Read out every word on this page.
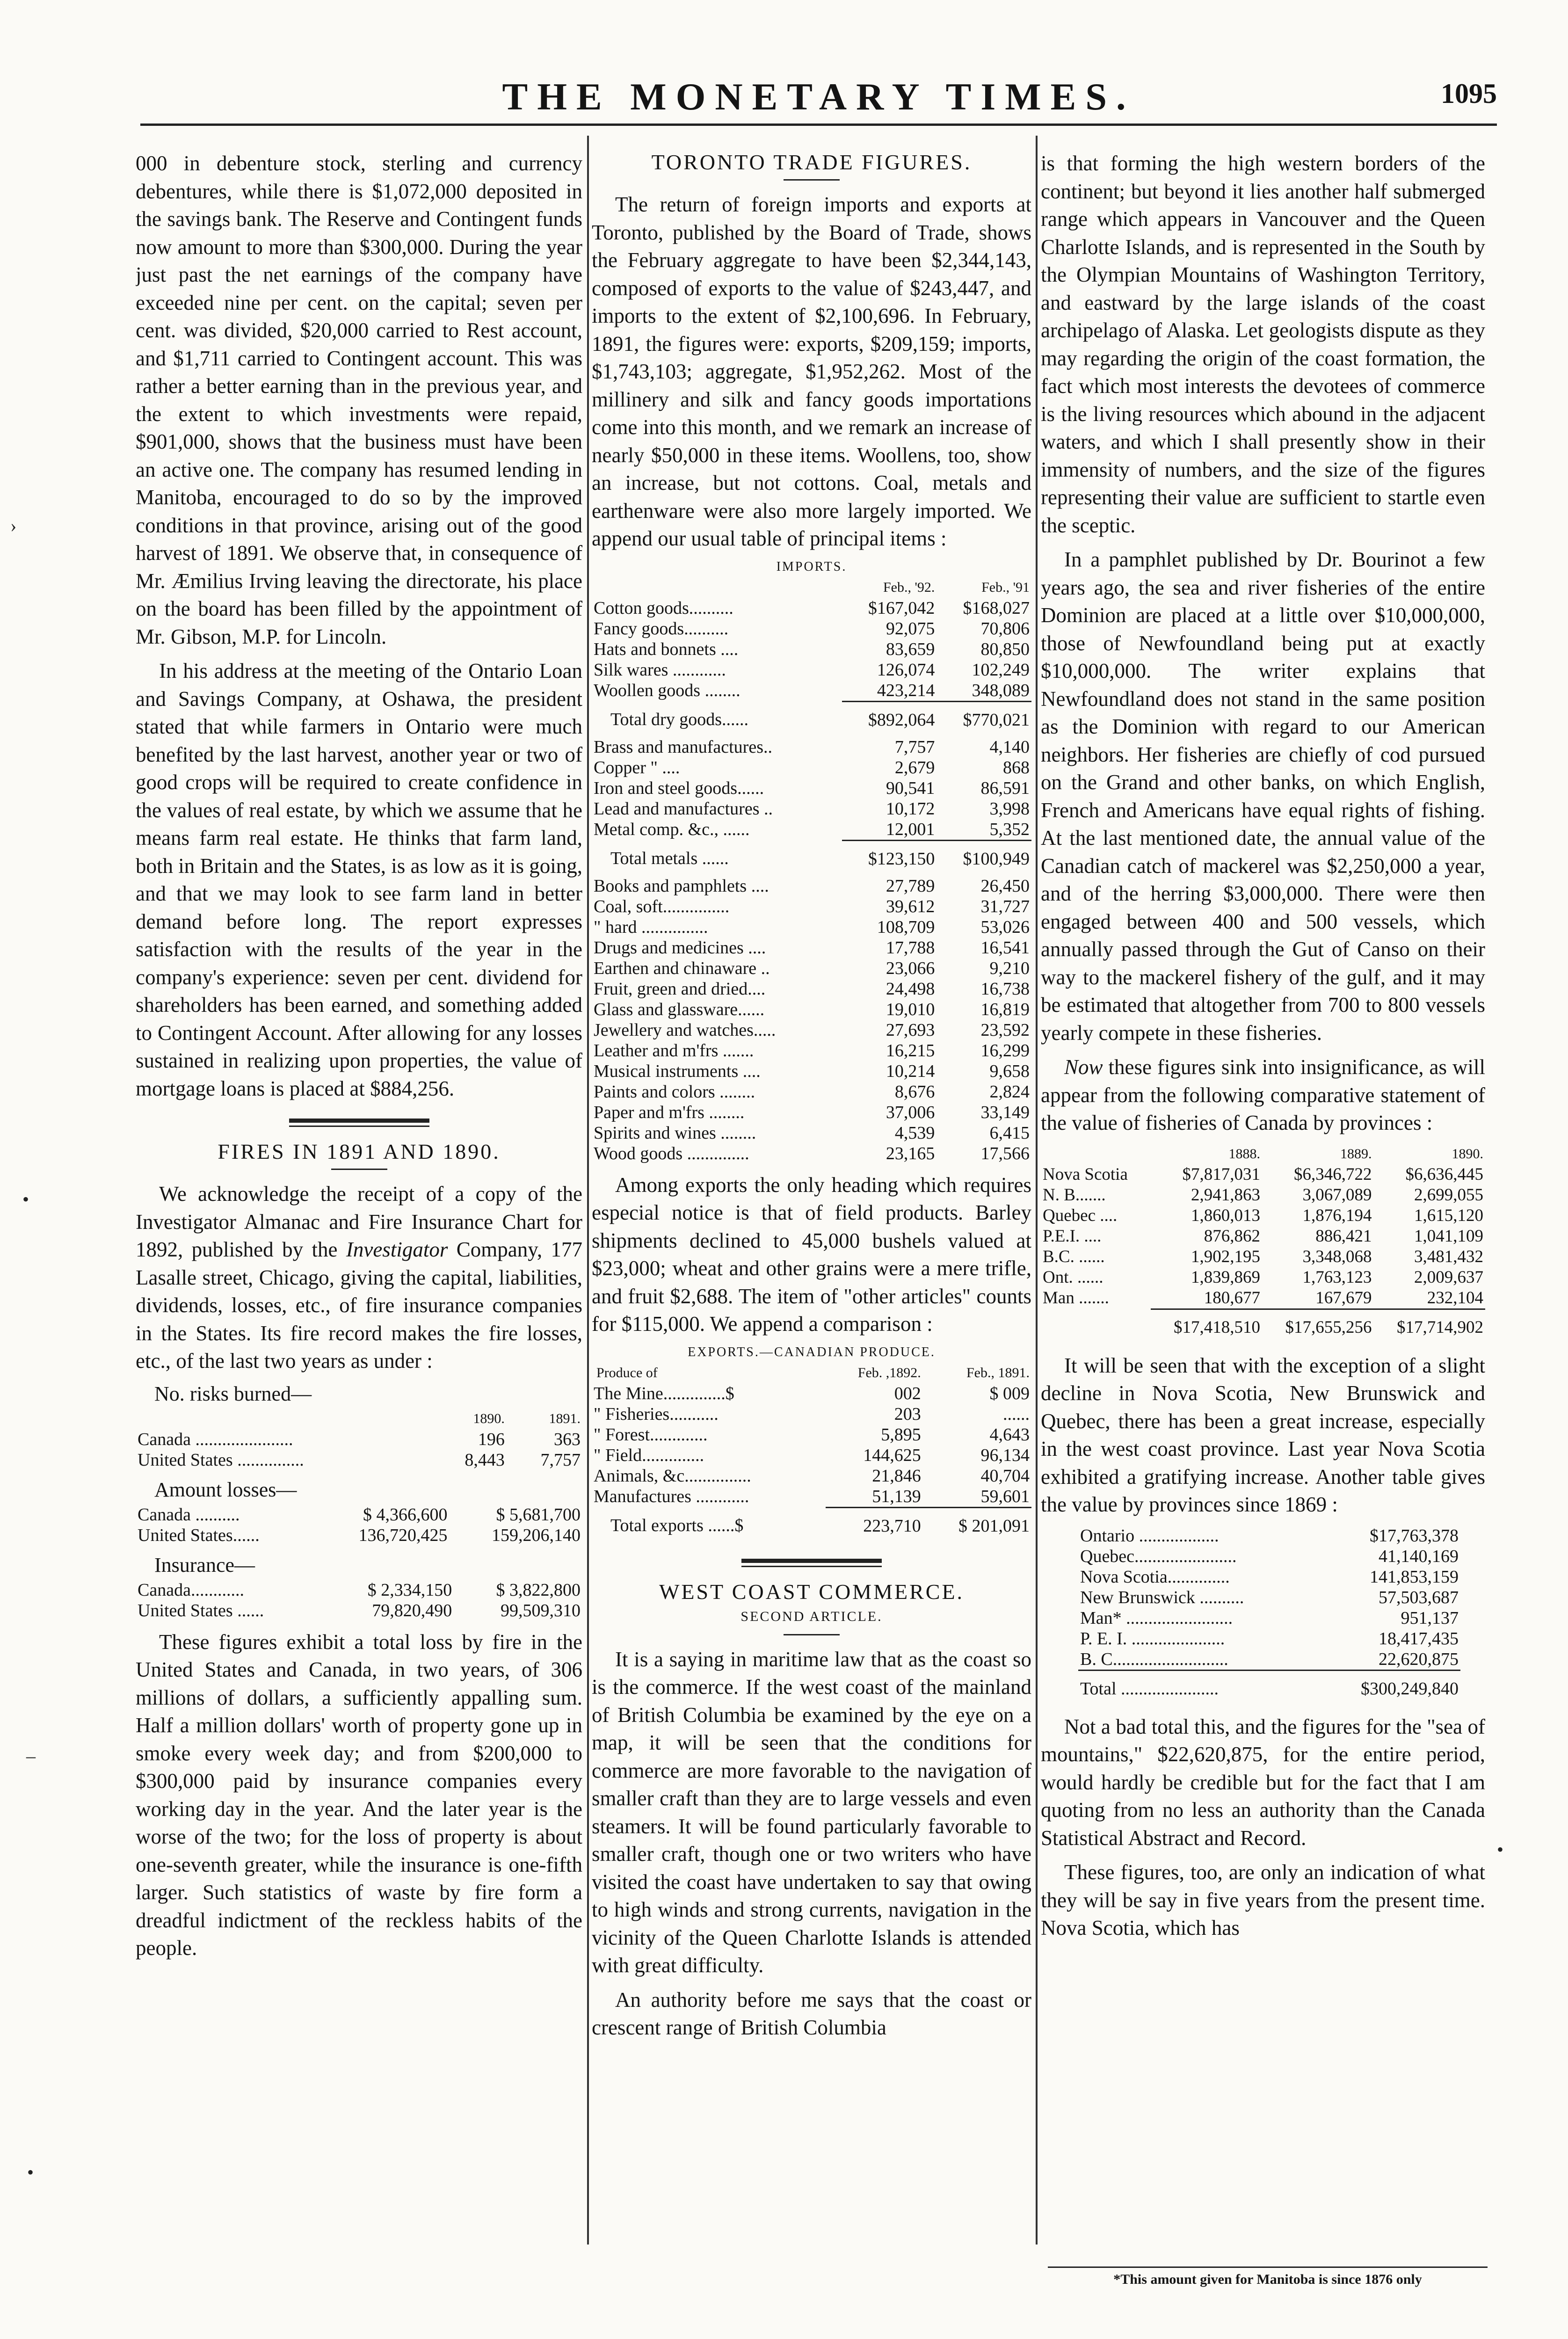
THE MONETARY TIMES.	1095
›
•
–
•
•

000 in debenture stock, sterling and currency debentures, while there is $1,072,000 deposited in the savings bank. The Reserve and Contingent funds now amount to more than $300,000. During the year just past the net earnings of the company have exceeded nine per cent. on the capital; seven per cent. was divided, $20,000 carried to Rest account, and $1,711 carried to Contingent account. This was rather a better earning than in the previous year, and the extent to which investments were repaid, $901,000, shows that the business must have been an active one. The company has resumed lending in Manitoba, encouraged to do so by the improved conditions in that province, arising out of the good harvest of 1891. We observe that, in consequence of Mr. Æmilius Irving leaving the directorate, his place on the board has been filled by the appointment of Mr. Gibson, M.P. for Lincoln.

In his address at the meeting of the Ontario Loan and Savings Company, at Oshawa, the president stated that while farmers in Ontario were much benefited by the last harvest, another year or two of good crops will be required to create confidence in the values of real estate, by which we assume that he means farm real estate. He thinks that farm land, both in Britain and the States, is as low as it is going, and that we may look to see farm land in better demand before long. The report expresses satisfaction with the results of the year in the company's experience: seven per cent. dividend for shareholders has been earned, and something added to Contingent Account. After allowing for any losses sustained in realizing upon properties, the value of mortgage loans is placed at $884,256.

FIRES IN 1891 AND 1890.

We acknowledge the receipt of a copy of the Investigator Almanac and Fire Insurance Chart for 1892, published by the Investigator Company, 177 Lasalle street, Chicago, giving the capital, liabilities, dividends, losses, etc., of fire insurance companies in the States. Its fire record makes the fire losses, etc., of the last two years as under :

No. risks burned—
	1890.	1891.
Canada ......................	196	363
United States ...............	8,443	7,757
Amount losses—
Canada ..........	$ 4,366,600	$ 5,681,700
United States......	136,720,425	159,206,140
Insurance—
Canada............	$ 2,334,150	$ 3,822,800
United States ......	79,820,490	99,509,310

These figures exhibit a total loss by fire in the United States and Canada, in two years, of 306 millions of dollars, a sufficiently appalling sum. Half a million dollars' worth of property gone up in smoke every week day; and from $200,000 to $300,000 paid by insurance companies every working day in the year. And the later year is the worse of the two; for the loss of property is about one-seventh greater, while the insurance is one-fifth larger. Such statistics of waste by fire form a dreadful indictment of the reckless habits of the people.

TORONTO TRADE FIGURES.

The return of foreign imports and exports at Toronto, published by the Board of Trade, shows the February aggregate to have been $2,344,143, composed of exports to the value of $243,447, and imports to the extent of $2,100,696. In February, 1891, the figures were: exports, $209,159; imports, $1,743,103; aggregate, $1,952,262. Most of the millinery and silk and fancy goods importations come into this month, and we remark an increase of nearly $50,000 in these items. Woollens, too, show an increase, but not cottons. Coal, metals and earthenware were also more largely imported. We append our usual table of principal items :

IMPORTS.
	Feb., '92.	Feb., '91
Cotton goods..........	$167,042	$168,027
Fancy goods..........	92,075	70,806
Hats and bonnets ....	83,659	80,850
Silk wares ............	126,074	102,249
Woollen goods ........	423,214	348,089
Total dry goods......	$892,064	$770,021
Brass and manufactures..	7,757	4,140
Copper " ....	2,679	868
Iron and steel goods......	90,541	86,591
Lead and manufactures ..	10,172	3,998
Metal comp. &c., ......	12,001	5,352
Total metals ......	$123,150	$100,949
Books and pamphlets ....	27,789	26,450
Coal, soft...............	39,612	31,727
" hard ...............	108,709	53,026
Drugs and medicines ....	17,788	16,541
Earthen and chinaware ..	23,066	9,210
Fruit, green and dried....	24,498	16,738
Glass and glassware......	19,010	16,819
Jewellery and watches.....	27,693	23,592
Leather and m'frs .......	16,215	16,299
Musical instruments ....	10,214	9,658
Paints and colors ........	8,676	2,824
Paper and m'frs ........	37,006	33,149
Spirits and wines ........	4,539	6,415
Wood goods ..............	23,165	17,566

Among exports the only heading which requires especial notice is that of field products. Barley shipments declined to 45,000 bushels valued at $23,000; wheat and other grains were a mere trifle, and fruit $2,688. The item of "other articles" counts for $115,000. We append a comparison :

EXPORTS.—CANADIAN PRODUCE.
Produce of	Feb. ,1892.	Feb., 1891.
The Mine..............$	002	$ 009
" Fisheries...........	203	......
" Forest.............	5,895	4,643
" Field..............	144,625	96,134
Animals, &c...............	21,846	40,704
Manufactures ............	51,139	59,601
Total exports ......$	223,710	$ 201,091
WEST COAST COMMERCE.
SECOND ARTICLE.

It is a saying in maritime law that as the coast so is the commerce. If the west coast of the mainland of British Columbia be examined by the eye on a map, it will be seen that the conditions for commerce are more favorable to the navigation of smaller craft than they are to large vessels and even steamers. It will be found particularly favorable to smaller craft, though one or two writers who have visited the coast have undertaken to say that owing to high winds and strong currents, navigation in the vicinity of the Queen Charlotte Islands is attended with great difficulty.

An authority before me says that the coast or crescent range of British Columbia

is that forming the high western borders of the continent; but beyond it lies another half submerged range which appears in Vancouver and the Queen Charlotte Islands, and is represented in the South by the Olympian Mountains of Washington Territory, and eastward by the large islands of the coast archipelago of Alaska. Let geologists dispute as they may regarding the origin of the coast formation, the fact which most interests the devotees of commerce is the living resources which abound in the adjacent waters, and which I shall presently show in their immensity of numbers, and the size of the figures representing their value are sufficient to startle even the sceptic.

In a pamphlet published by Dr. Bourinot a few years ago, the sea and river fisheries of the entire Dominion are placed at a little over $10,000,000, those of Newfoundland being put at exactly $10,000,000. The writer explains that Newfoundland does not stand in the same position as the Dominion with regard to our American neighbors. Her fisheries are chiefly of cod pursued on the Grand and other banks, on which English, French and Americans have equal rights of fishing. At the last mentioned date, the annual value of the Canadian catch of mackerel was $2,250,000 a year, and of the herring $3,000,000. There were then engaged between 400 and 500 vessels, which annually passed through the Gut of Canso on their way to the mackerel fishery of the gulf, and it may be estimated that altogether from 700 to 800 vessels yearly compete in these fisheries.

Now these figures sink into insignificance, as will appear from the following comparative statement of the value of fisheries of Canada by provinces :

	1888.	1889.	1890.
Nova Scotia	$7,817,031	$6,346,722	$6,636,445
N. B.......	2,941,863	3,067,089	2,699,055
Quebec ....	1,860,013	1,876,194	1,615,120
P.E.I. ....	876,862	886,421	1,041,109
B.C. ......	1,902,195	3,348,068	3,481,432
Ont. ......	1,839,869	1,763,123	2,009,637
Man .......	180,677	167,679	232,104
	$17,418,510	$17,655,256	$17,714,902

It will be seen that with the exception of a slight decline in Nova Scotia, New Brunswick and Quebec, there has been a great increase, especially in the west coast province. Last year Nova Scotia exhibited a gratifying increase. Another table gives the value by provinces since 1869 :

Ontario ..................	$17,763,378
Quebec.......................	41,140,169
Nova Scotia..............	141,853,159
New Brunswick ..........	57,503,687
Man* ........................	951,137
P. E. I. .....................	18,417,435
B. C..........................	22,620,875
Total ......................	$300,249,840

Not a bad total this, and the figures for the "sea of mountains," $22,620,875, for the entire period, would hardly be credible but for the fact that I am quoting from no less an authority than the Canada Statistical Abstract and Record.

These figures, too, are only an indication of what they will be say in five years from the present time. Nova Scotia, which has

*This amount given for Manitoba is since 1876 only
